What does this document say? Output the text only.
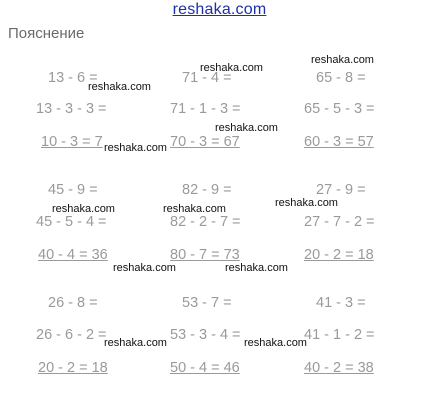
reshaka.com
Пояснение
13 - 6 =
13 - 3 - 3 =
10 - 3 = 7
71 - 4 =
71 - 1 - 3 =
70 - 3 = 67
65 - 8 =
65 - 5 - 3 =
60 - 3 = 57
45 - 9 =
45 - 5 - 4 =
40 - 4 = 36
82 - 9 =
82 - 2 - 7 =
80 - 7 = 73
27 - 9 =
27 - 7 - 2 =
20 - 2 = 18
26 - 8 =
26 - 6 - 2 =
20 - 2 = 18
53 - 7 =
53 - 3 - 4 =
50 - 4 = 46
41 - 3 =
41 - 1 - 2 =
40 - 2 = 38
reshaka.com
reshaka.com
reshaka.com
reshaka.com
reshaka.com
reshaka.com
reshaka.com	reshaka.com
reshaka.com	reshaka.com
reshaka.com	reshaka.com
